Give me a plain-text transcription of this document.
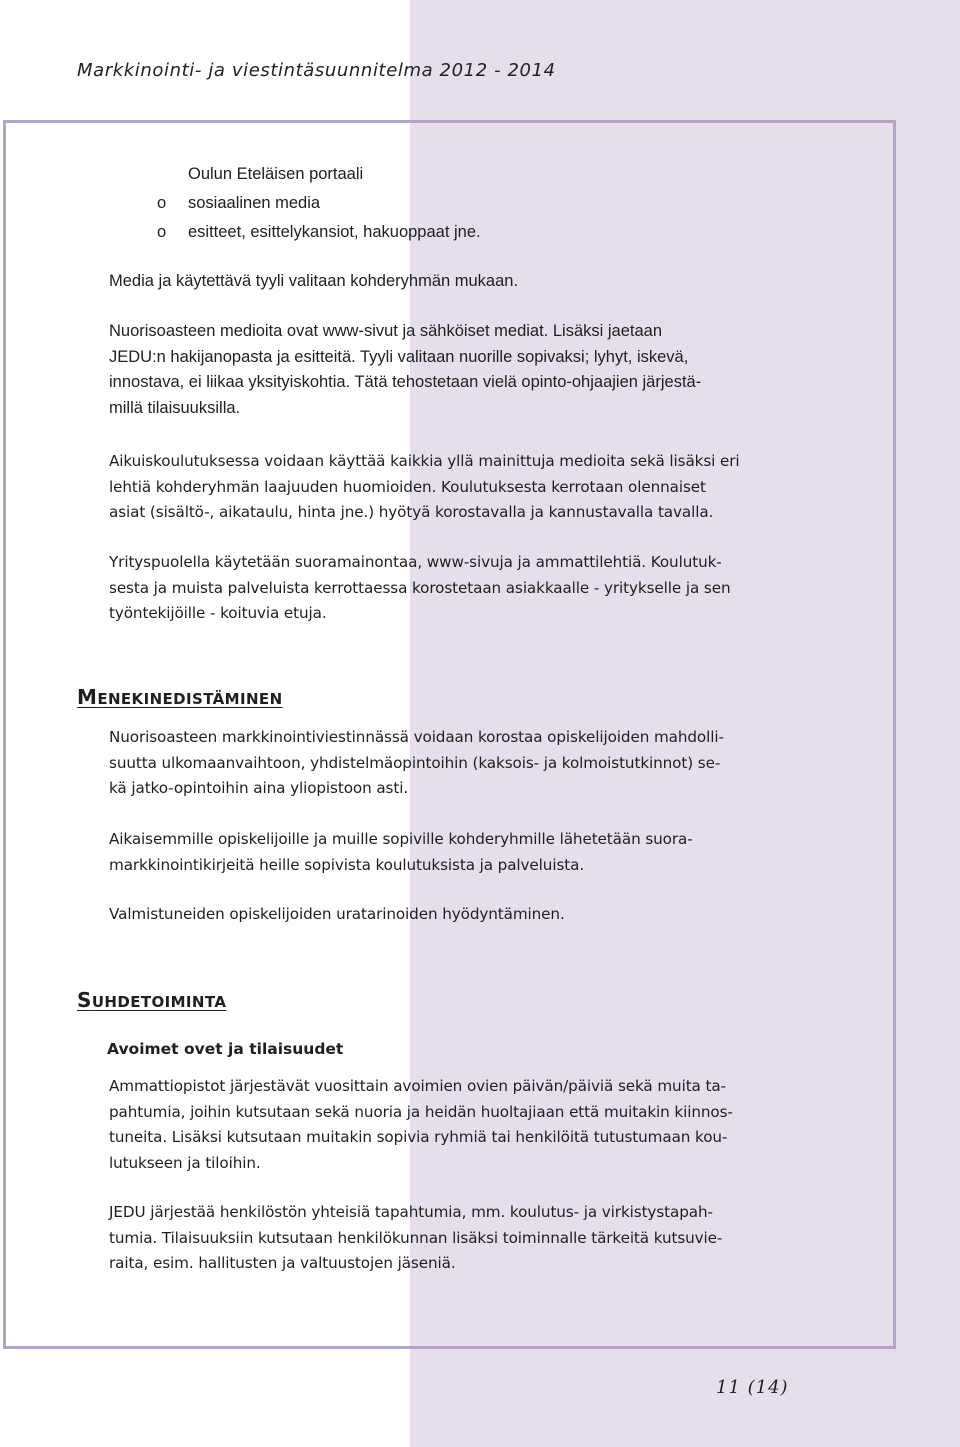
Markkinointi- ja viestintäsuunnitelma 2012 - 2014
Oulun Eteläisen portaali
o sosiaalinen media
o esitteet, esittelykansiot, hakuoppaat jne.
Media ja käytettävä tyyli valitaan kohderyhmän mukaan.
Nuorisoasteen medioita ovat www-sivut ja sähköiset mediat. Lisäksi jaetaan
JEDU:n hakijanopasta ja esitteitä. Tyyli valitaan nuorille sopivaksi; lyhyt, iskevä,
innostava, ei liikaa yksityiskohtia. Tätä tehostetaan vielä opinto-ohjaajien järjestä-
millä tilaisuuksilla.
Aikuiskoulutuksessa voidaan käyttää kaikkia yllä mainittuja medioita sekä lisäksi eri
lehtiä kohderyhmän laajuuden huomioiden. Koulutuksesta kerrotaan olennaiset
asiat (sisältö-, aikataulu, hinta jne.) hyötyä korostavalla ja kannustavalla tavalla.
Yrityspuolella käytetään suoramainontaa, www-sivuja ja ammattilehtiä. Koulutuk-
sesta ja muista palveluista kerrottaessa korostetaan asiakkaalle - yritykselle ja sen
työntekijöille - koituvia etuja.
MENEKINEDISTÄMINEN
Nuorisoasteen markkinointiviestinnässä voidaan korostaa opiskelijoiden mahdolli-
suutta ulkomaanvaihtoon, yhdistelmäopintoihin (kaksois- ja kolmoistutkinnot) se-
kä jatko-opintoihin aina yliopistoon asti.
Aikaisemmille opiskelijoille ja muille sopiville kohderyhmille lähetetään suora-
markkinointikirjeitä heille sopivista koulutuksista ja palveluista.
Valmistuneiden opiskelijoiden uratarinoiden hyödyntäminen.
SUHDETOIMINTA
Avoimet ovet ja tilaisuudet
Ammattiopistot järjestävät vuosittain avoimien ovien päivän/päiviä sekä muita ta-
pahtumia, joihin kutsutaan sekä nuoria ja heidän huoltajiaan että muitakin kiinnos-
tuneita. Lisäksi kutsutaan muitakin sopivia ryhmiä tai henkilöitä tutustumaan kou-
lutukseen ja tiloihin.
JEDU järjestää henkilöstön yhteisiä tapahtumia, mm. koulutus- ja virkistystapah-
tumia. Tilaisuuksiin kutsutaan henkilökunnan lisäksi toiminnalle tärkeitä kutsuvie-
raita, esim. hallitusten ja valtuustojen jäseniä.
11 (14)
